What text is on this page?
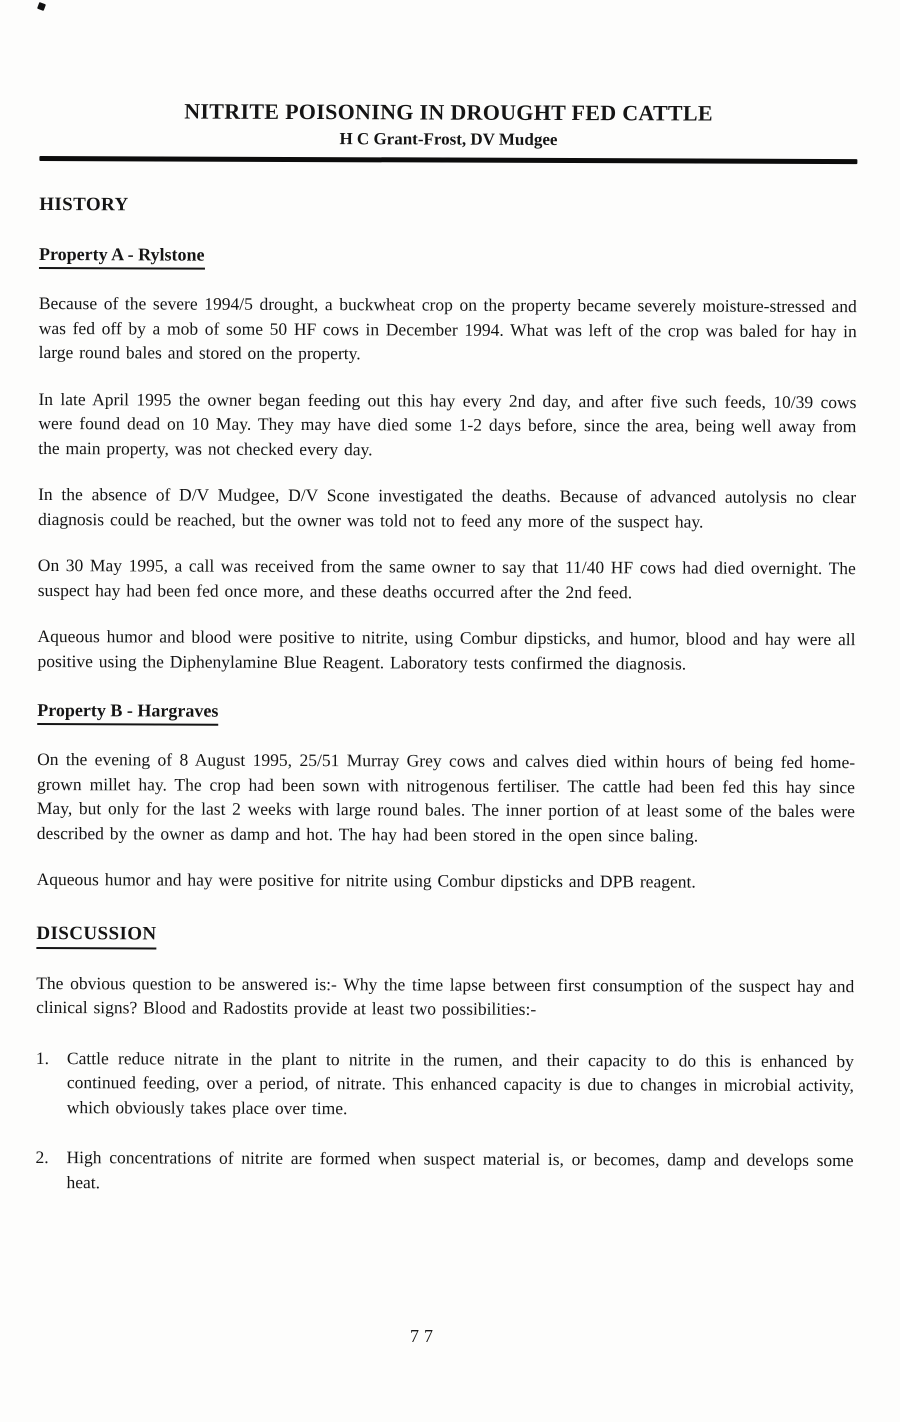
NITRITE POISONING IN DROUGHT FED CATTLE
H C Grant-Frost, DV Mudgee
HISTORY
Property A - Rylstone

Because of the severe 1994/5 drought, a buckwheat crop on the property became severely moisture-stressed and was fed off by a mob of some 50 HF cows in December 1994. What was left of the crop was baled for hay in large round bales and stored on the property.

In late April 1995 the owner began feeding out this hay every 2nd day, and after five such feeds, 10/39 cows were found dead on 10 May. They may have died some 1-2 days before, since the area, being well away from the main property, was not checked every day.

In the absence of D/V Mudgee, D/V Scone investigated the deaths. Because of advanced autolysis no clear diagnosis could be reached, but the owner was told not to feed any more of the suspect hay.

On 30 May 1995, a call was received from the same owner to say that 11/40 HF cows had died overnight. The suspect hay had been fed once more, and these deaths occurred after the 2nd feed.

Aqueous humor and blood were positive to nitrite, using Combur dipsticks, and humor, blood and hay were all positive using the Diphenylamine Blue Reagent. Laboratory tests confirmed the diagnosis.

Property B - Hargraves

On the evening of 8 August 1995, 25/51 Murray Grey cows and calves died within hours of being fed home-grown millet hay. The crop had been sown with nitrogenous fertiliser. The cattle had been fed this hay since May, but only for the last 2 weeks with large round bales. The inner portion of at least some of the bales were described by the owner as damp and hot. The hay had been stored in the open since baling.

Aqueous humor and hay were positive for nitrite using Combur dipsticks and DPB reagent.

DISCUSSION

The obvious question to be answered is:- Why the time lapse between first consumption of the suspect hay and clinical signs? Blood and Radostits provide at least two possibilities:-

1.	Cattle reduce nitrate in the plant to nitrite in the rumen, and their capacity to do this is enhanced by continued feeding, over a period, of nitrate. This enhanced capacity is due to changes in microbial activity, which obviously takes place over time.
2.	High concentrations of nitrite are formed when suspect material is, or becomes, damp and develops some heat.
77
